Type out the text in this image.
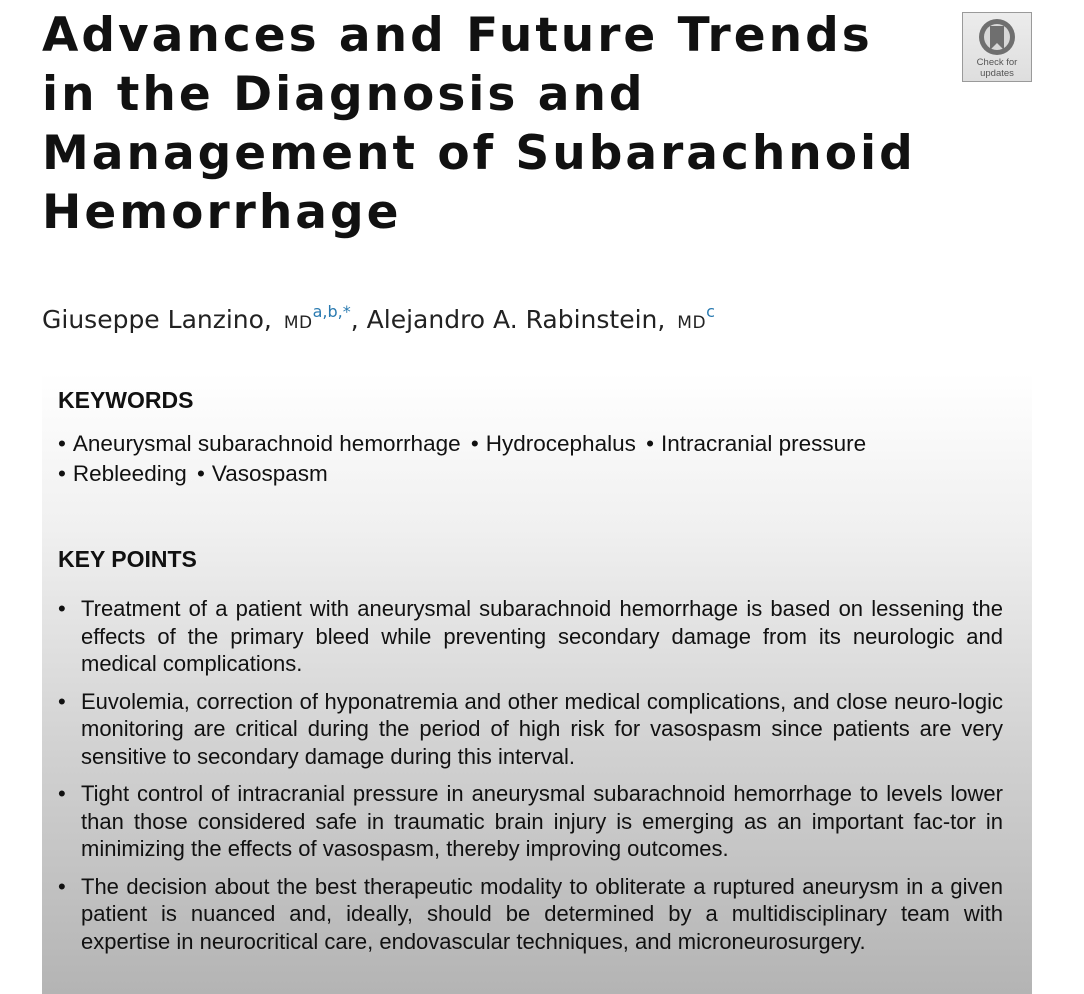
Advances and Future Trends
in the Diagnosis and
Management of Subarachnoid
Hemorrhage
Check for
updates
Giuseppe Lanzino, $MD^{a,b,*}$, Alejandro A. Rabinstein, $MD^c$
KEYWORDS
• Aneurysmal subarachnoid hemorrhage • Hydrocephalus • Intracranial pressure
• Rebleeding • Vasospasm
KEY POINTS
• Treatment of a patient with aneurysmal subarachnoid hemorrhage is based on lessening the effects of the primary bleed while preventing secondary damage from its neurologic and medical complications.
• Euvolemia, correction of hyponatremia and other medical complications, and close neuro-logic monitoring are critical during the period of high risk for vasospasm since patients are very sensitive to secondary damage during this interval.
• Tight control of intracranial pressure in aneurysmal subarachnoid hemorrhage to levels lower than those considered safe in traumatic brain injury is emerging as an important fac-tor in minimizing the effects of vasospasm, thereby improving outcomes.
• The decision about the best therapeutic modality to obliterate a ruptured aneurysm in a given patient is nuanced and, ideally, should be determined by a multidisciplinary team with expertise in neurocritical care, endovascular techniques, and microneurosurgery.
